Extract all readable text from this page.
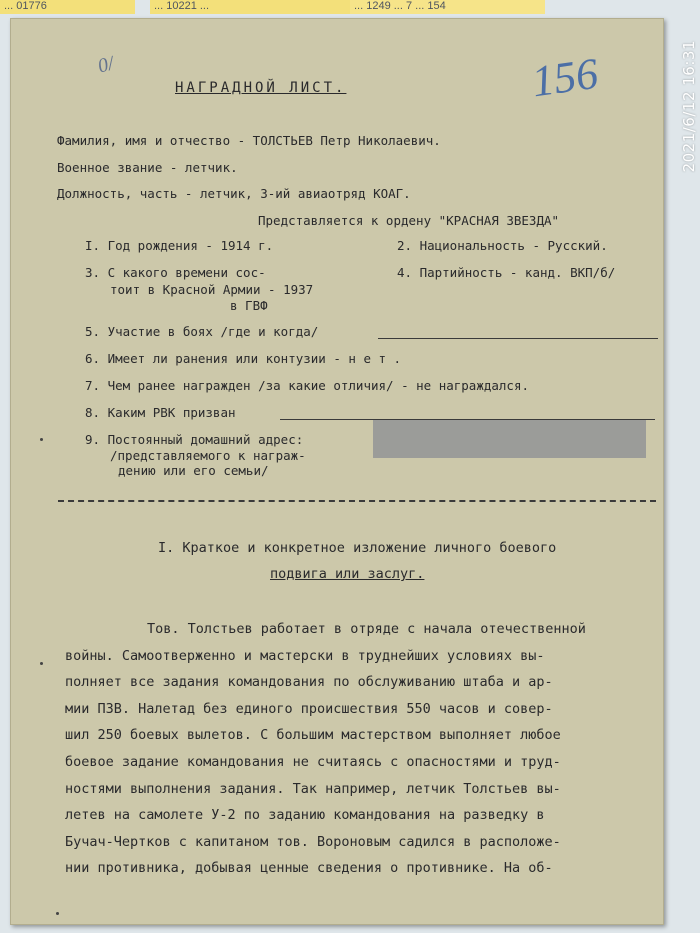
... 01776	... 10221 ...	... 1249 ... 7 ... 154
2021/6/12 16:31
0/	156
НАГРАДНОЙ ЛИСТ.
Фамилия, имя и отчество - ТОЛСТЬЕВ Петр Николаевич.
Военное звание - летчик.
Должность, часть - летчик, 3-ий авиаотряд КОАГ.
Представляется к ордену "КРАСНАЯ ЗВЕЗДА"
I. Год рождения - 1914 г.	2. Национальность - Русский.
3. С какого времени сос-
тоит в Красной Армии - 1937
в ГВФ
4. Партийность - канд. ВКП/б/
5. Участие в боях /где и когда/
6. Имеет ли ранения или контузии - н е т .
7. Чем ранее награжден /за какие отличия/ - не награждался.
8. Каким РВК призван
9. Постоянный домашний адрес:
/представляемого к награж-
дению или его семьи/
I. Краткое и конкретное изложение личного боевого
подвига или заслуг.

Тов. Толстьев работает в отряде с начала отечественной

войны. Самоотверженно и мастерски в труднейших условиях вы-

полняет все задания командования по обслуживанию штаба и ар-

мии ПЗВ. Налетад без единого происшествия 550 часов и совер-

шил 250 боевых вылетов. С большим мастерством выполняет любое

боевое задание командования не считаясь с опасностями и труд-

ностями выполнения задания. Так например, летчик Толстьев вы-

летев на самолете У-2 по заданию командования на разведку в

Бучач-Чертков с капитаном тов. Вороновым садился в расположе-

нии противника, добывая ценные сведения о противнике. На об-
